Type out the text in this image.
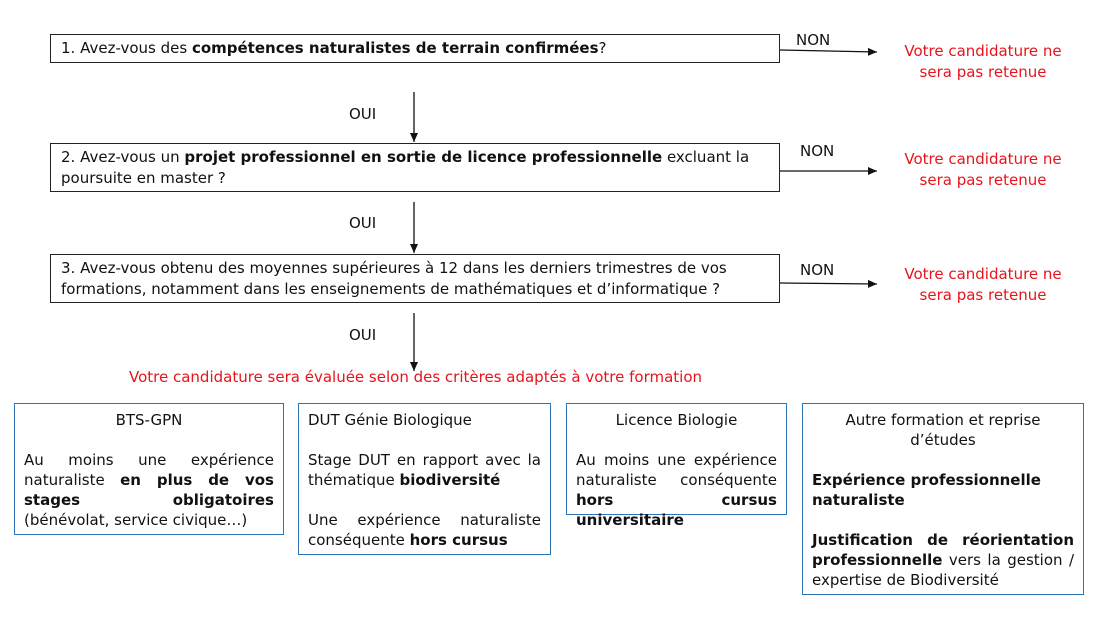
1. Avez-vous des compétences naturalistes de terrain confirmées?
2. Avez-vous un projet professionnel en sortie de licence professionnelle excluant la poursuite en master ?
3. Avez-vous obtenu des moyennes supérieures à 12 dans les derniers trimestres de vos formations, notamment dans les enseignements de mathématiques et d’informatique ?
OUI
OUI
OUI
NON
NON
NON
Votre candidature ne sera pas retenue
Votre candidature ne sera pas retenue
Votre candidature ne sera pas retenue
Votre candidature sera évaluée selon des critères adaptés à votre formation

BTS-GPN

Au moins une expérience naturaliste en plus de vos stages obligatoires (bénévolat, service civique…)

DUT Génie Biologique

Stage DUT en rapport avec la thématique biodiversité

Une expérience naturaliste conséquente hors cursus

Licence Biologie

Au moins une expérience naturaliste conséquente hors cursus universitaire

Autre formation et reprise d’études

Expérience professionnelle naturaliste

Justification de réorientation professionnelle vers la gestion / expertise de Biodiversité
